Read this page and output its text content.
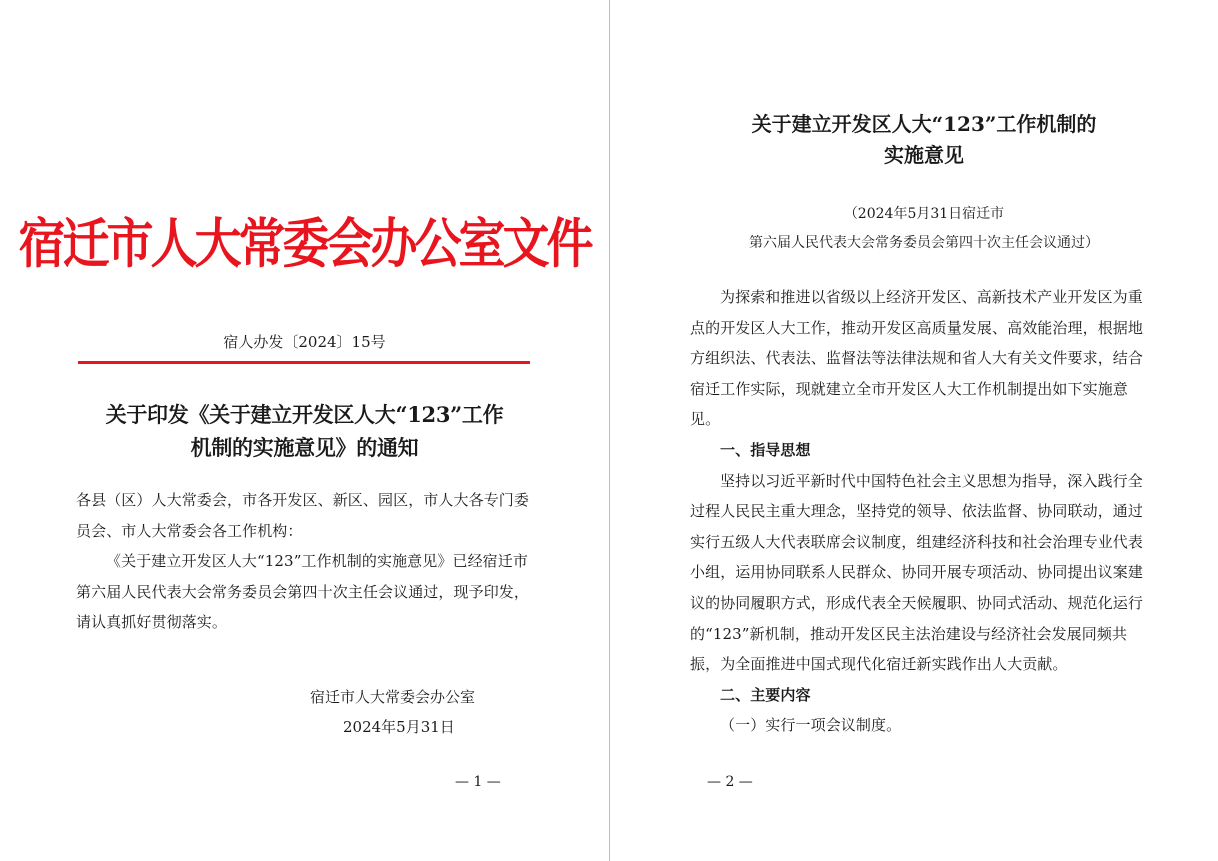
宿迁市人大常委会办公室文件
宿人办发〔2024〕15号
关于印发《关于建立开发区人大“123”工作
机制的实施意见》的通知

各县（区）人大常委会，市各开发区、新区、园区，市人大各专门委员会、市人大常委会各工作机构：

《关于建立开发区人大“123”工作机制的实施意见》已经宿迁市第六届人民代表大会常务委员会第四十次主任会议通过，现予印发，请认真抓好贯彻落实。

宿迁市人大常委会办公室
2024年5月31日
— 1 —
关于建立开发区人大“123”工作机制的
实施意见
（2024年5月31日宿迁市
第六届人民代表大会常务委员会第四十次主任会议通过）

为探索和推进以省级以上经济开发区、高新技术产业开发区为重点的开发区人大工作，推动开发区高质量发展、高效能治理，根据地方组织法、代表法、监督法等法律法规和省人大有关文件要求，结合宿迁工作实际，现就建立全市开发区人大工作机制提出如下实施意见。

一、指导思想

坚持以习近平新时代中国特色社会主义思想为指导，深入践行全过程人民民主重大理念，坚持党的领导、依法监督、协同联动，通过实行五级人大代表联席会议制度，组建经济科技和社会治理专业代表小组，运用协同联系人民群众、协同开展专项活动、协同提出议案建议的协同履职方式，形成代表全天候履职、协同式活动、规范化运行的“123”新机制，推动开发区民主法治建设与经济社会发展同频共振，为全面推进中国式现代化宿迁新实践作出人大贡献。

二、主要内容

（一）实行一项会议制度。

— 2 —
